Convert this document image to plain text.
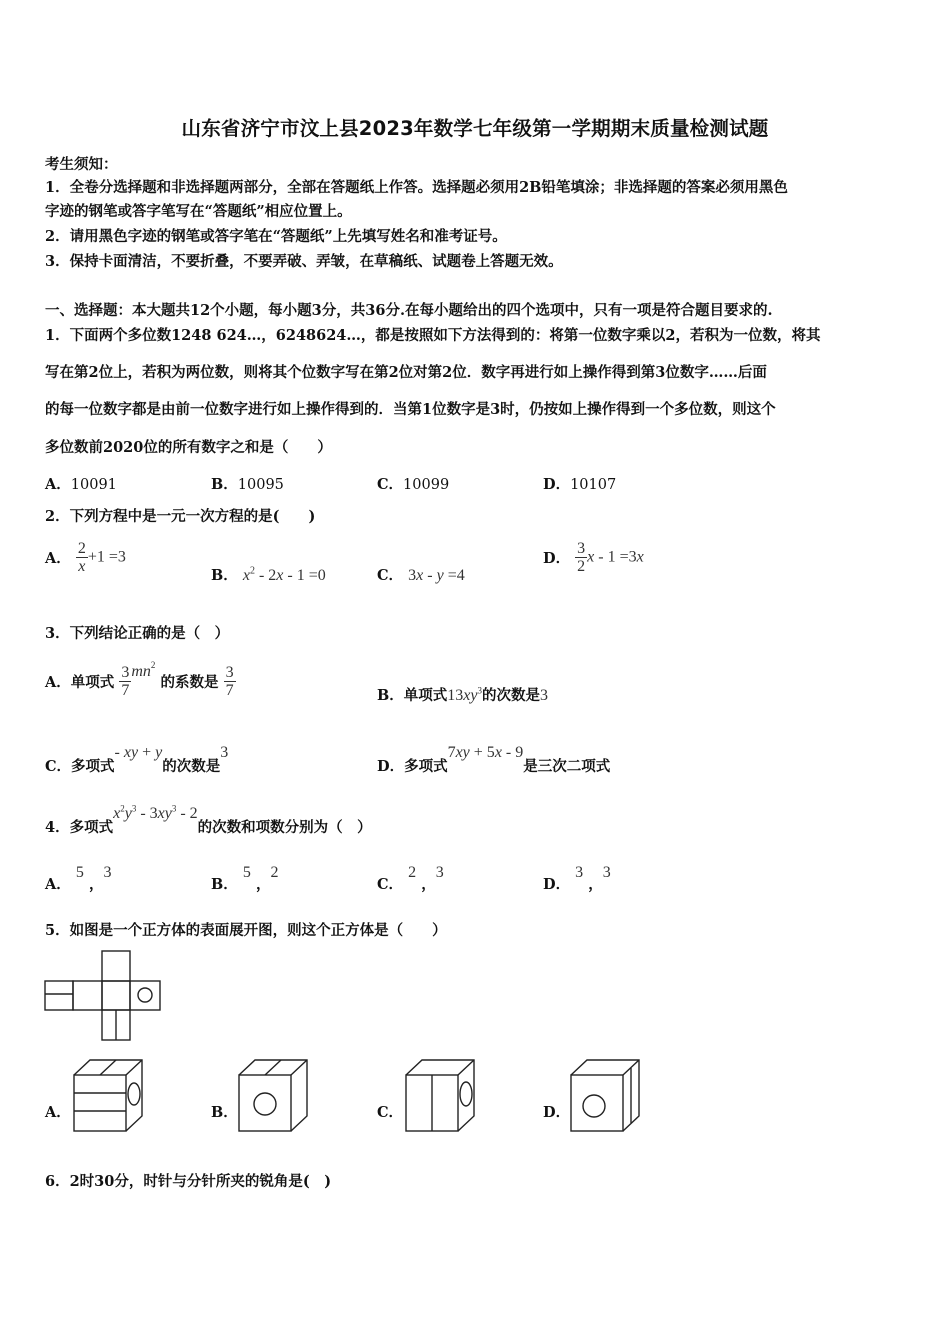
山东省济宁市汶上县2023年数学七年级第一学期期末质量检测试题
考生须知：
1．全卷分选择题和非选择题两部分，全部在答题纸上作答。选择题必须用2B铅笔填涂；非选择题的答案必须用黑色
字迹的钢笔或答字笔写在“答题纸”相应位置上。
2．请用黑色字迹的钢笔或答字笔在“答题纸”上先填写姓名和准考证号。
3．保持卡面清洁，不要折叠，不要弄破、弄皱，在草稿纸、试题卷上答题无效。
一、选择题：本大题共12个小题，每小题3分，共36分.在每小题给出的四个选项中，只有一项是符合题目要求的.
1．下面两个多位数1248 624…，6248624…，都是按照如下方法得到的：将第一位数字乘以2，若积为一位数，将其
写在第2位上，若积为两位数，则将其个位数字写在第2位对第2位．数字再进行如上操作得到第3位数字……后面
的每一位数字都是由前一位数字进行如上操作得到的．当第1位数字是3时，仍按如上操作得到一个多位数，则这个
多位数前2020位的所有数字之和是（　　）
A．10091	B．10095	C．10099	D．10107
2．下列方程中是一元一次方程的是(　　)
A． $\frac{2}{x} +1 =3$
B． $x^2 - 2x - 1 =0$	C． 3x - y =4
D． $\frac{3}{2}$ x - 1 =3x
3．下列结论正确的是（　）
A．单项式 $\frac{3}{7} mn^2$ 的系数是 $\frac{3}{7}$	B．单项式$13xy^3$的次数是3
C．多项式- xy + y的次数是3
D．多项式7xy + 5x - 9是三次二项式
4．多项式$x^2y^3 - 3xy^3 - 2$的次数和项数分别为（　）
A． 5 ，3
B． 5 ，2
C． 2 ，3
D． 3 ，3
5．如图是一个正方体的表面展开图，则这个正方体是（　　）
A．	B．	C．	D．
6．2时30分，时针与分针所夹的锐角是(　)
